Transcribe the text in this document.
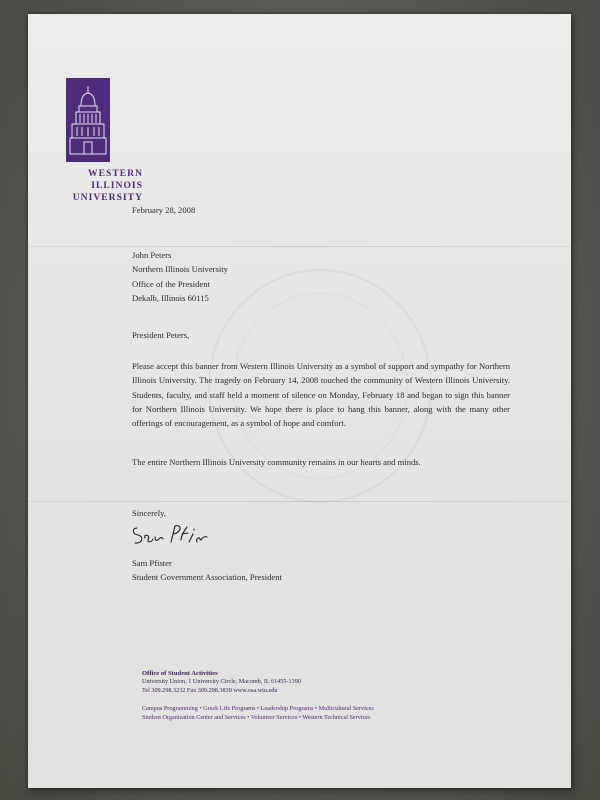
WESTERN
ILLINOIS
UNIVERSITY
February 28, 2008
John Peters
Northern Illinois University
Office of the President
Dekalb, Illinois 60115
President Peters,
Please accept this banner from Western Illinois University as a symbol of support and sympathy for Northern Illinois University. The tragedy on February 14, 2008 touched the community of Western Illinois University. Students, faculty, and staff held a moment of silence on Monday, February 18 and began to sign this banner for Northern Illinois University. We hope there is place to hang this banner, along with the many other offerings of encouragement, as a symbol of hope and comfort.
The entire Northern Illinois University community remains in our hearts and minds.
Sincerely,
Sam Pfister
Student Government Association, President
Office of Student Activities
University Union, 1 University Circle, Macomb, IL 61455-1390
Tel 309.298.3232 Fax 309.298.3839 www.osa.wiu.edu
Campus Programming • Greek Life Programs • Leadership Programs • Multicultural Services
Student Organization Center and Services • Volunteer Services • Western Technical Services
